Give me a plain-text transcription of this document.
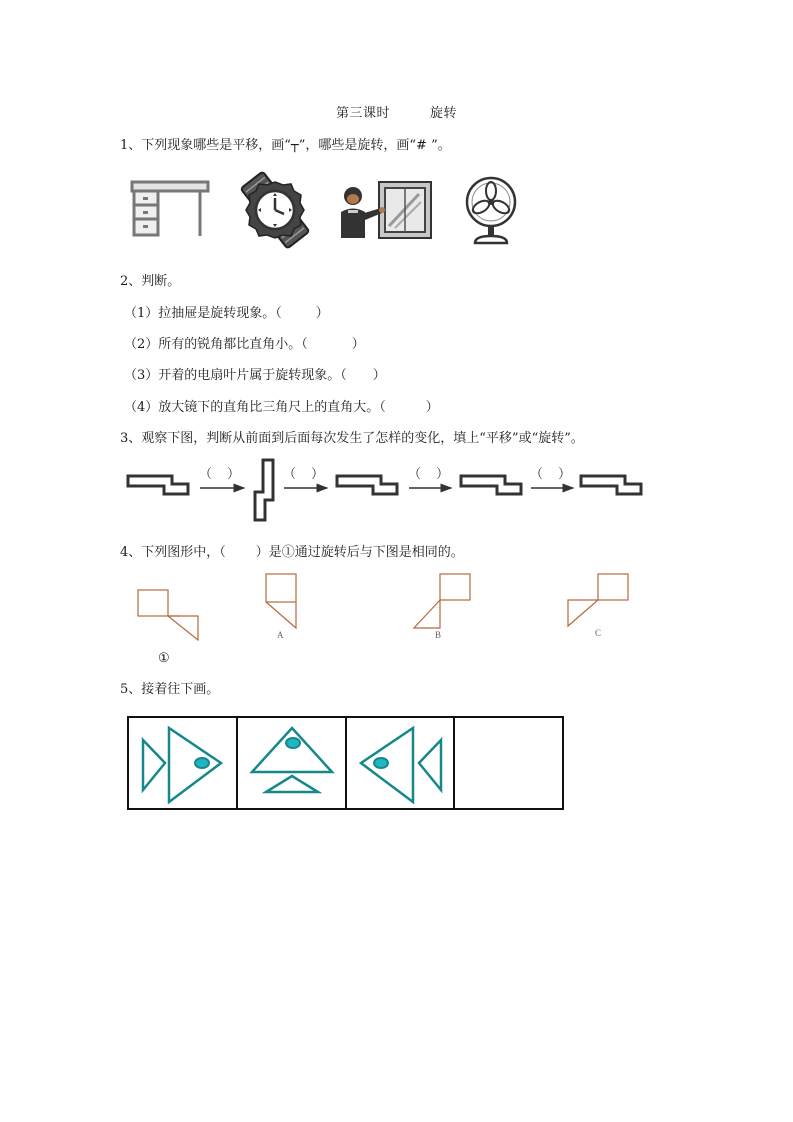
第三课时	旋转
1、下列现象哪些是平移，画“┬”，哪些是旋转，画“# ”。
2、判断。
（1）拉抽屉是旋转现象。（	）
（2）所有的锐角都比直角小。（	）
（3）开着的电扇叶片属于旋转现象。（ ）
（4）放大镜下的直角比三角尺上的直角大。（	）
3、观察下图，判断从前面到后面每次发生了怎样的变化，填上“平移”或“旋转”。
（ ）	（ ）	（ ）	（ ）
4、下列图形中，（ ）是①通过旋转后与下图是相同的。
①
A	B	C
5、接着往下画。
